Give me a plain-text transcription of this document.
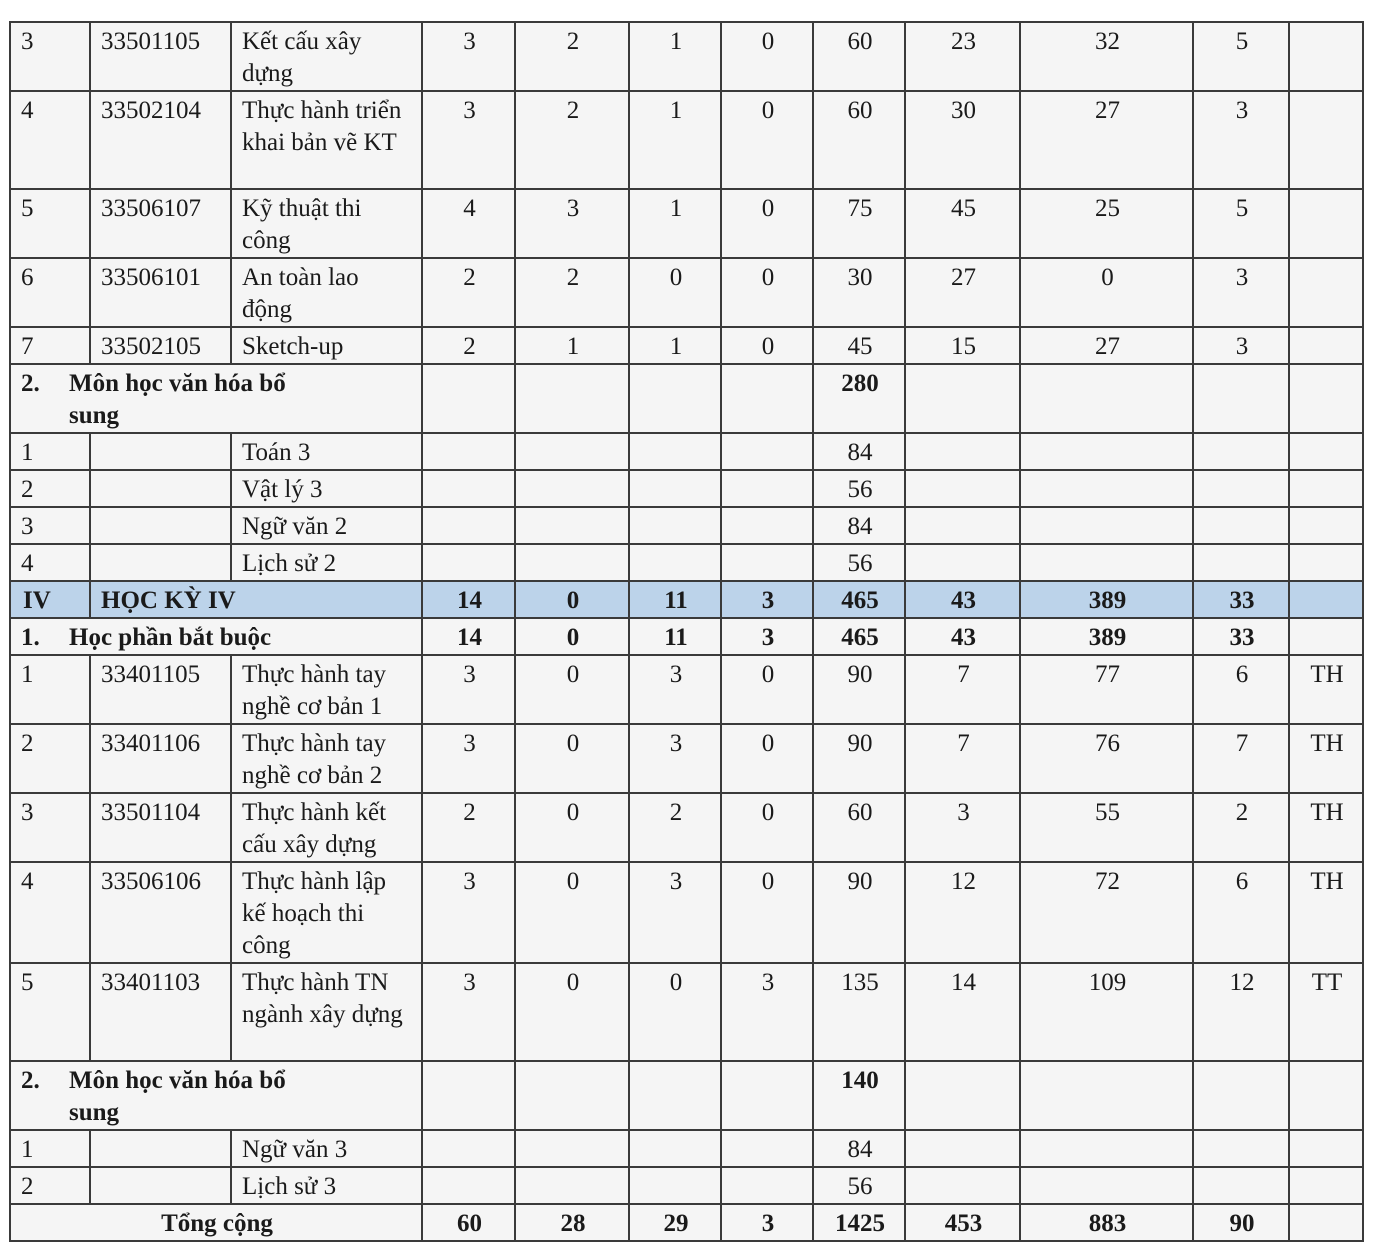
3	33501105	Kết cấu xây dựng	3	2	1	0	60	23	32	5	
4	33502104	Thực hành triển khai bản vẽ KT	3	2	1	0	60	30	27	3	
5	33506107	Kỹ thuật thi công	4	3	1	0	75	45	25	5	
6	33506101	An toàn lao động	2	2	0	0	30	27	0	3	
7	33502105	Sketch-up	2	1	1	0	45	15	27	3	
2. Môn học văn hóa bổ sung							280				
1		Toán 3					84				
2		Vật lý 3					56				
3		Ngữ văn 2					84				
4		Lịch sử 2					56				
IV	HỌC KỲ IV		14	0	11	3	465	43	389	33	
1. Học phần bắt buộc			14	0	11	3	465	43	389	33	
1	33401105	Thực hành tay nghề cơ bản 1	3	0	3	0	90	7	77	6	TH
2	33401106	Thực hành tay nghề cơ bản 2	3	0	3	0	90	7	76	7	TH
3	33501104	Thực hành kết cấu xây dựng	2	0	2	0	60	3	55	2	TH
4	33506106	Thực hành lập kế hoạch thi công	3	0	3	0	90	12	72	6	TH
5	33401103	Thực hành TN ngành xây dựng	3	0	0	3	135	14	109	12	TT
2. Môn học văn hóa bổ sung							140				
1		Ngữ văn 3					84				
2		Lịch sử 3					56				
Tổng cộng			60	28	29	3	1425	453	883	90	
